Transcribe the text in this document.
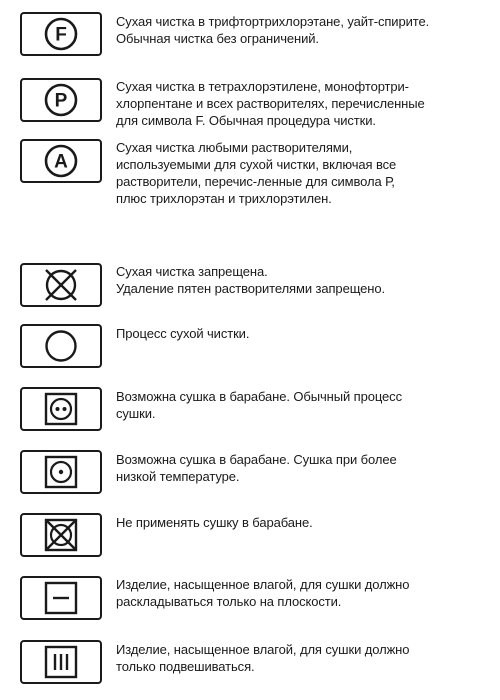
F
Сухая чистка в трифтортрихлорэтане, уайт-спирите.
Обычная чистка без ограничений.
P
Сухая чистка в тетрахлорэтилене, монофтортри-
хлорпентане и всех растворителях, перечисленные
для символа F. Обычная процедура чистки.
A
Сухая чистка любыми растворителями,
используемыми для сухой чистки, включая все
растворители, перечис-ленные для символа Р,
плюс трихлорэтан и трихлорэтилен.
Сухая чистка запрещена.
Удаление пятен растворителями запрещено.
Процесс сухой чистки.
Возможна сушка в барабане. Обычный процесс
сушки.
Возможна сушка в барабане. Сушка при более
низкой температуре.
Не применять сушку в барабане.
Изделие, насыщенное влагой, для сушки должно
раскладываться только на плоскости.
Изделие, насыщенное влагой, для сушки должно
только подвешиваться.
